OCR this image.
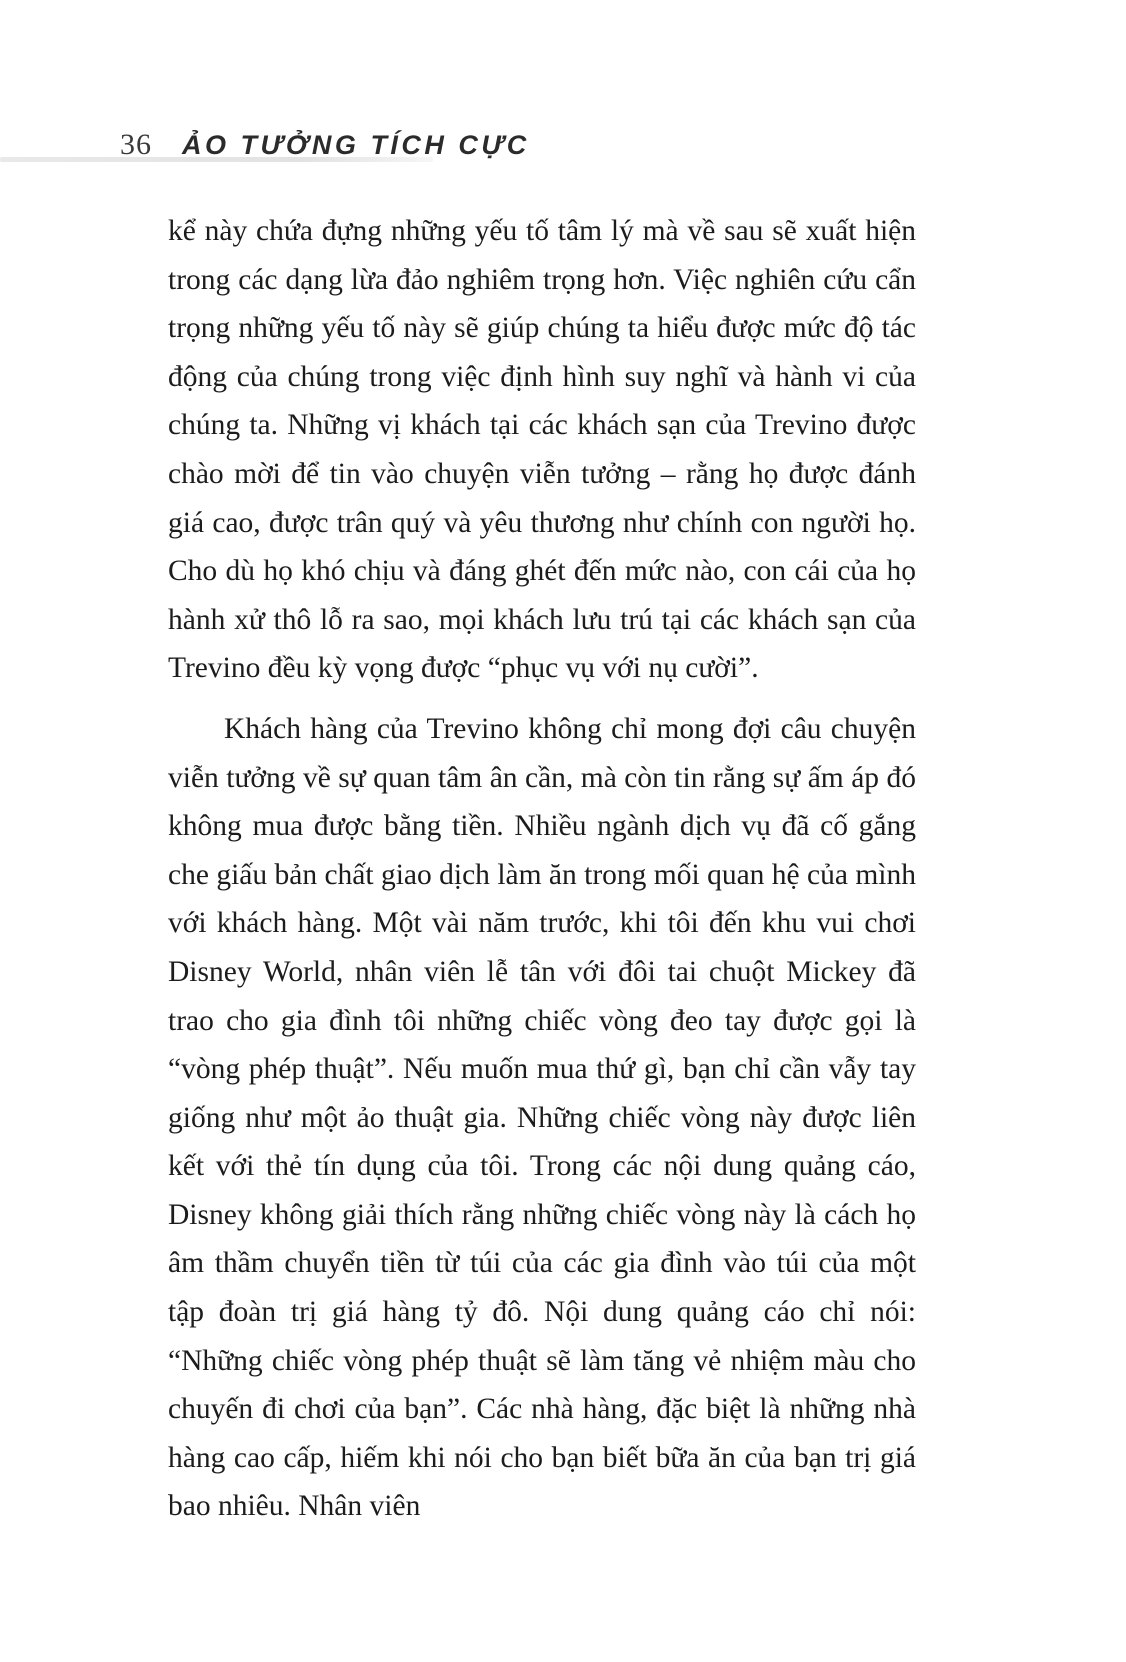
36 ẢO TƯỞNG TÍCH CỰC

kể này chứa đựng những yếu tố tâm lý mà về sau sẽ xuất hiện trong các dạng lừa đảo nghiêm trọng hơn. Việc nghiên cứu cẩn trọng những yếu tố này sẽ giúp chúng ta hiểu được mức độ tác động của chúng trong việc định hình suy nghĩ và hành vi của chúng ta. Những vị khách tại các khách sạn của Trevino được chào mời để tin vào chuyện viễn tưởng – rằng họ được đánh giá cao, được trân quý và yêu thương như chính con người họ. Cho dù họ khó chịu và đáng ghét đến mức nào, con cái của họ hành xử thô lỗ ra sao, mọi khách lưu trú tại các khách sạn của Trevino đều kỳ vọng được “phục vụ với nụ cười”.

Khách hàng của Trevino không chỉ mong đợi câu chuyện viễn tưởng về sự quan tâm ân cần, mà còn tin rằng sự ấm áp đó không mua được bằng tiền. Nhiều ngành dịch vụ đã cố gắng che giấu bản chất giao dịch làm ăn trong mối quan hệ của mình với khách hàng. Một vài năm trước, khi tôi đến khu vui chơi Disney World, nhân viên lễ tân với đôi tai chuột Mickey đã trao cho gia đình tôi những chiếc vòng đeo tay được gọi là “vòng phép thuật”. Nếu muốn mua thứ gì, bạn chỉ cần vẫy tay giống như một ảo thuật gia. Những chiếc vòng này được liên kết với thẻ tín dụng của tôi. Trong các nội dung quảng cáo, Disney không giải thích rằng những chiếc vòng này là cách họ âm thầm chuyển tiền từ túi của các gia đình vào túi của một tập đoàn trị giá hàng tỷ đô. Nội dung quảng cáo chỉ nói: “Những chiếc vòng phép thuật sẽ làm tăng vẻ nhiệm màu cho chuyến đi chơi của bạn”. Các nhà hàng, đặc biệt là những nhà hàng cao cấp, hiếm khi nói cho bạn biết bữa ăn của bạn trị giá bao nhiêu. Nhân viên
